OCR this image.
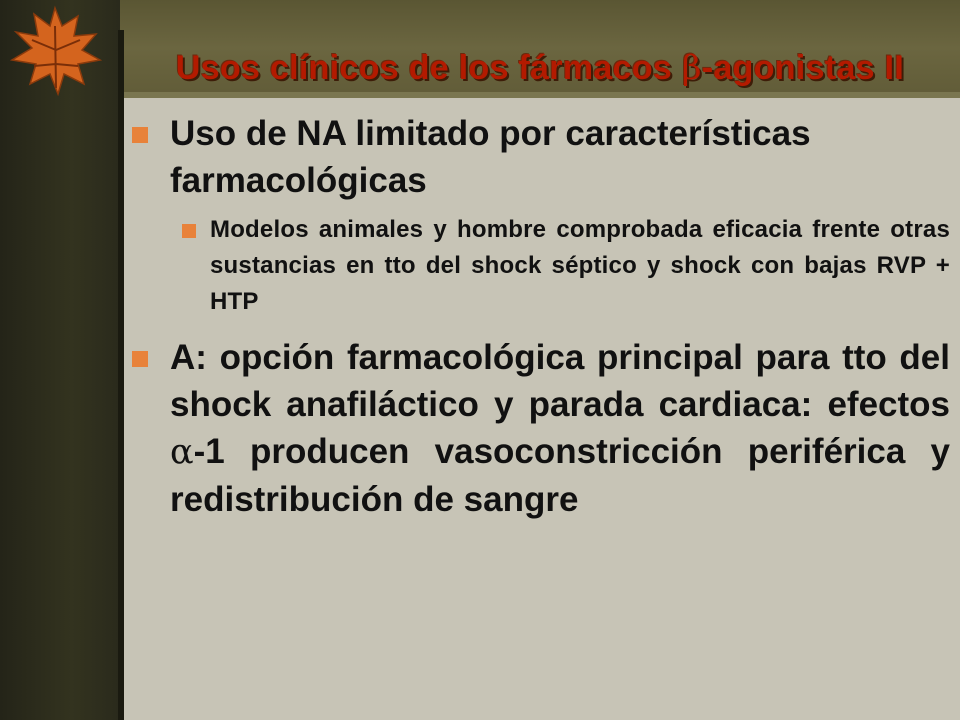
Usos clínicos de los fármacos β-agonistas II
Uso de NA limitado por características farmacológicas
Modelos animales y hombre comprobada eficacia frente otras sustancias en tto del shock séptico y shock con bajas RVP + HTP
A: opción farmacológica principal para tto del shock anafiláctico y parada cardiaca: efectos α-1 producen vasoconstricción periférica y redistribución de sangre
